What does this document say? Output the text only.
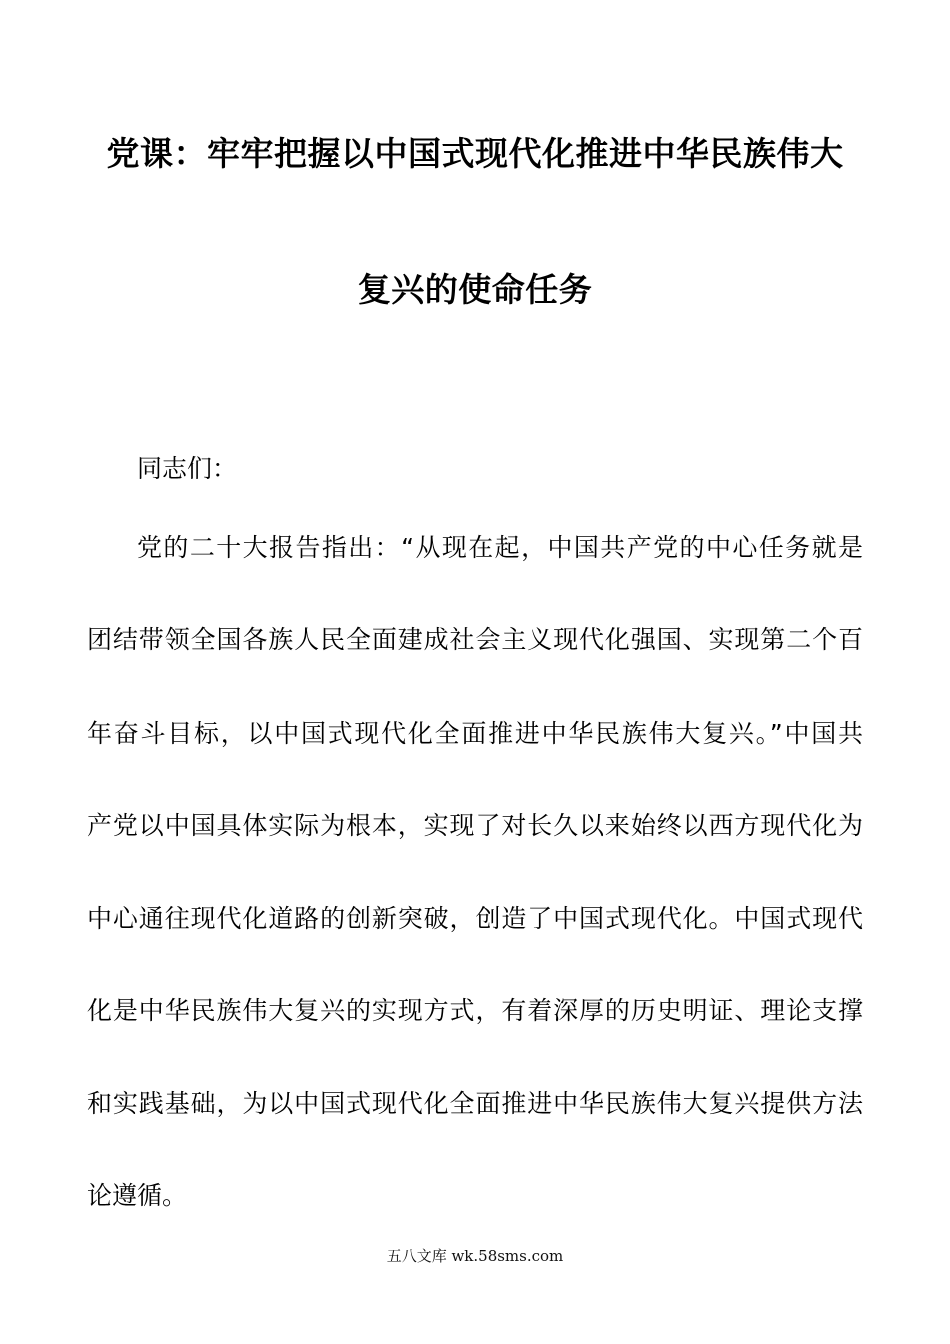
党课：牢牢把握以中国式现代化推进中华民族伟大
复兴的使命任务
同志们：
党的二十大报告指出：“从现在起，中国共产党的中心任务就是
团结带领全国各族人民全面建成社会主义现代化强国、实现第二个百
年奋斗目标，以中国式现代化全面推进中华民族伟大复兴。”中国共
产党以中国具体实际为根本，实现了对长久以来始终以西方现代化为
中心通往现代化道路的创新突破，创造了中国式现代化。中国式现代
化是中华民族伟大复兴的实现方式，有着深厚的历史明证、理论支撑
和实践基础，为以中国式现代化全面推进中华民族伟大复兴提供方法
论遵循。
五八文库 wk.58sms.com
